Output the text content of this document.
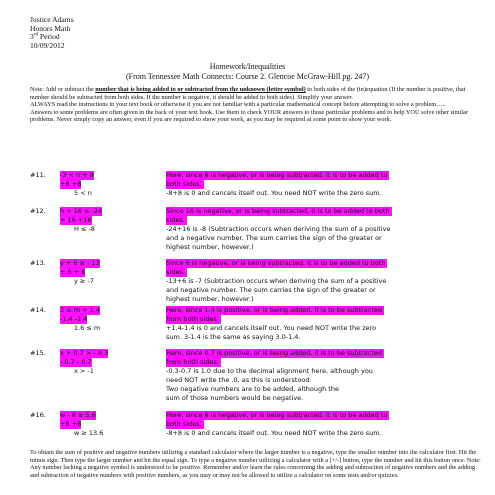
Justice Adams
Honors Math
3rd Period
10/09/2012
Homework/Inequalities
(From Tennessee Math Connects: Course 2. Glencoe McGraw-Hill pg. 247)

Note: Add or subtract the number that is being added to or subtracted from the unknown (letter symbol) to both sides of the (in)equation (If the number is positive, that number should be subtracted from both sides. If the number is negative, it should be added to both sides). Simplify your answer.

ALWAYS read the instructions in your text book or otherwise if you are not familiar with a particular mathematical concept before attempting to solve a problem…..

Answers to some problems are often given in the back of your text book. Use them to check YOUR answers to those particular problems and to help YOU solve other similar problems. Never simply copy an answer, even if you are required to show your work, as you may be required at some point to show your work.

#11. -3 < n + 8
+8 +8
5 < n
Here, since 8 is negative, or is being subtracted, it is to be added to
both sides.
-8+8 is 0 and cancels itself out. You need NOT write the zero sum.
#12. h + 16 ≤ -24
+ 16 +16
H ≤ -8
Since 16 is negative, or is being subtracted, it is to be added to both
sides.
-24+16 is -8 (Subtraction occurs when deriving the sum of a positive
and a negative number. The sum carries the sign of the greater or
highest number, however.)
#13. y + 6 ≥ - 13
+ 6 + 6
y ≥ -7
Since 6 is negative, or is being subtracted, it is to be added to both
sides.
-13+6 is -7 (Subtraction occurs when deriving the sum of a positive
and negative number. The sum carries the sign of the greater or
highest number, however.)
#14. 3 ≤ m + 1.4
-1.4 -1.4
1.6 ≤ m
Here, since 1.4 is positive, or is being added, it is to be subtracted
from both sides.
+1.4-1.4 is 0 and cancels itself out. You need NOT write the zero
sum. 3-1.4 is the same as saying 3.0-1.4.
#15. x + 0.7 > - 0.3
- 0.7 - 0.7
x > -1
Here, since 0.7 is positive, or is being added, it is to be subtracted
from both sides.
-0.3-0.7 is 1.0 due to the decimal alignment here, although you
need NOT write the .0, as this is understood.
Two negative numbers are to be added, although the
sum of those numbers would be negative.
#16. w - 8 ≥ 5.6
+8 +8
w ≥ 13.6
Here, since 8 is negative, or is being subtracted, it is to be added to
both sides.
-8+8 is 0 and cancels itself out. You need NOT write the zero sum.

To obtain the sum of positive and negative numbers utilizing a standard calculator where the larger number is a negative, type the smaller number into the calculator first. Hit the minus sign. Then type the larger number and hit the equal sign. To type a negative number utilizing a calculator with a [+/-] button, type the number and hit this button once. Note: Any number lacking a negative symbol is understood to be positive. Remember and/or learn the rules concerning the adding and subtraction of negative numbers and the adding and subtraction of negative numbers with positive numbers, as you may or may not be allowed to utilize a calculator on some tests and/or quizzes.
